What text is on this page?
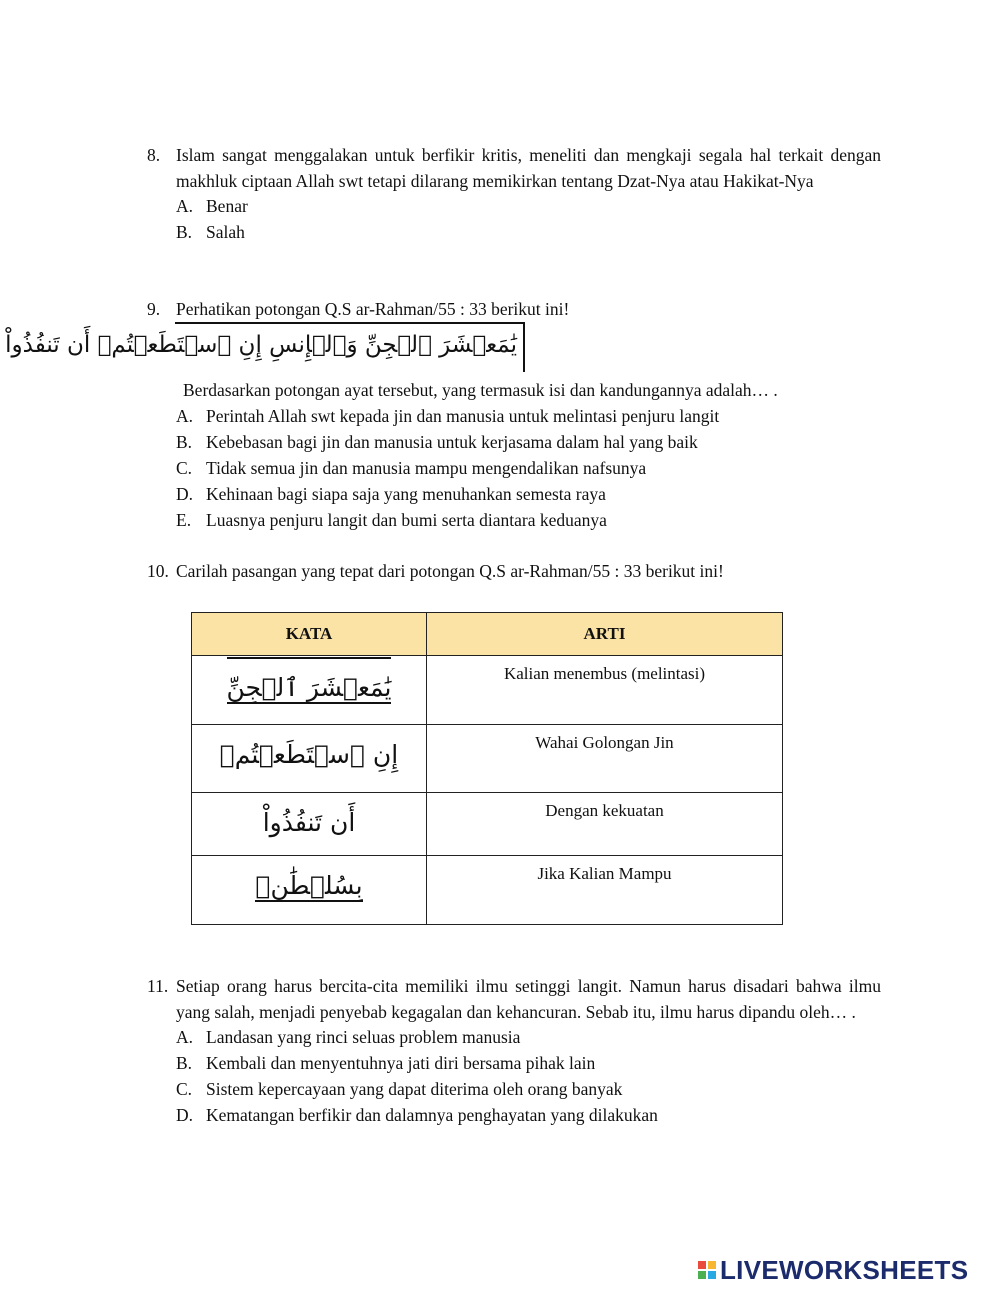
8. Islam sangat menggalakan untuk berfikir kritis, meneliti dan mengkaji segala hal terkait dengan makhluk ciptaan Allah swt tetapi dilarang memikirkan tentang Dzat-Nya atau Hakikat-Nya
A. Benar
B. Salah
9. Perhatikan potongan Q.S ar-Rahman/55 : 33 berikut ini!
يَٰمَعۡشَرَ ٱلۡجِنِّ وَٱلۡإِنسِ إِنِ ٱسۡتَطَعۡتُمۡ أَن تَنفُذُواْ
Berdasarkan potongan ayat tersebut, yang termasuk isi dan kandungannya adalah… .
A. Perintah Allah swt kepada jin dan manusia untuk melintasi penjuru langit
B. Kebebasan bagi jin dan manusia untuk kerjasama dalam hal yang baik
C. Tidak semua jin dan manusia mampu mengendalikan nafsunya
D. Kehinaan bagi siapa saja yang menuhankan semesta raya
E. Luasnya penjuru langit dan bumi serta diantara keduanya
10. Carilah pasangan yang tepat dari potongan Q.S ar-Rahman/55 : 33 berikut ini!
KATA	ARTI
يَٰمَعۡشَرَ ٱلۡجِنِّ	Kalian menembus (melintasi)
إِنِ ٱسۡتَطَعۡتُمۡ	Wahai Golongan Jin
أَن تَنفُذُواْ	Dengan kekuatan
بِسُلۡطَٰنٖ	Jika Kalian Mampu
11. Setiap orang harus bercita-cita memiliki ilmu setinggi langit. Namun harus disadari bahwa ilmu yang salah, menjadi penyebab kegagalan dan kehancuran. Sebab itu, ilmu harus dipandu oleh… .
A. Landasan yang rinci seluas problem manusia
B. Kembali dan menyentuhnya jati diri bersama pihak lain
C. Sistem kepercayaan yang dapat diterima oleh orang banyak
D. Kematangan berfikir dan dalamnya penghayatan yang dilakukan
LIVEWORKSHEETS
